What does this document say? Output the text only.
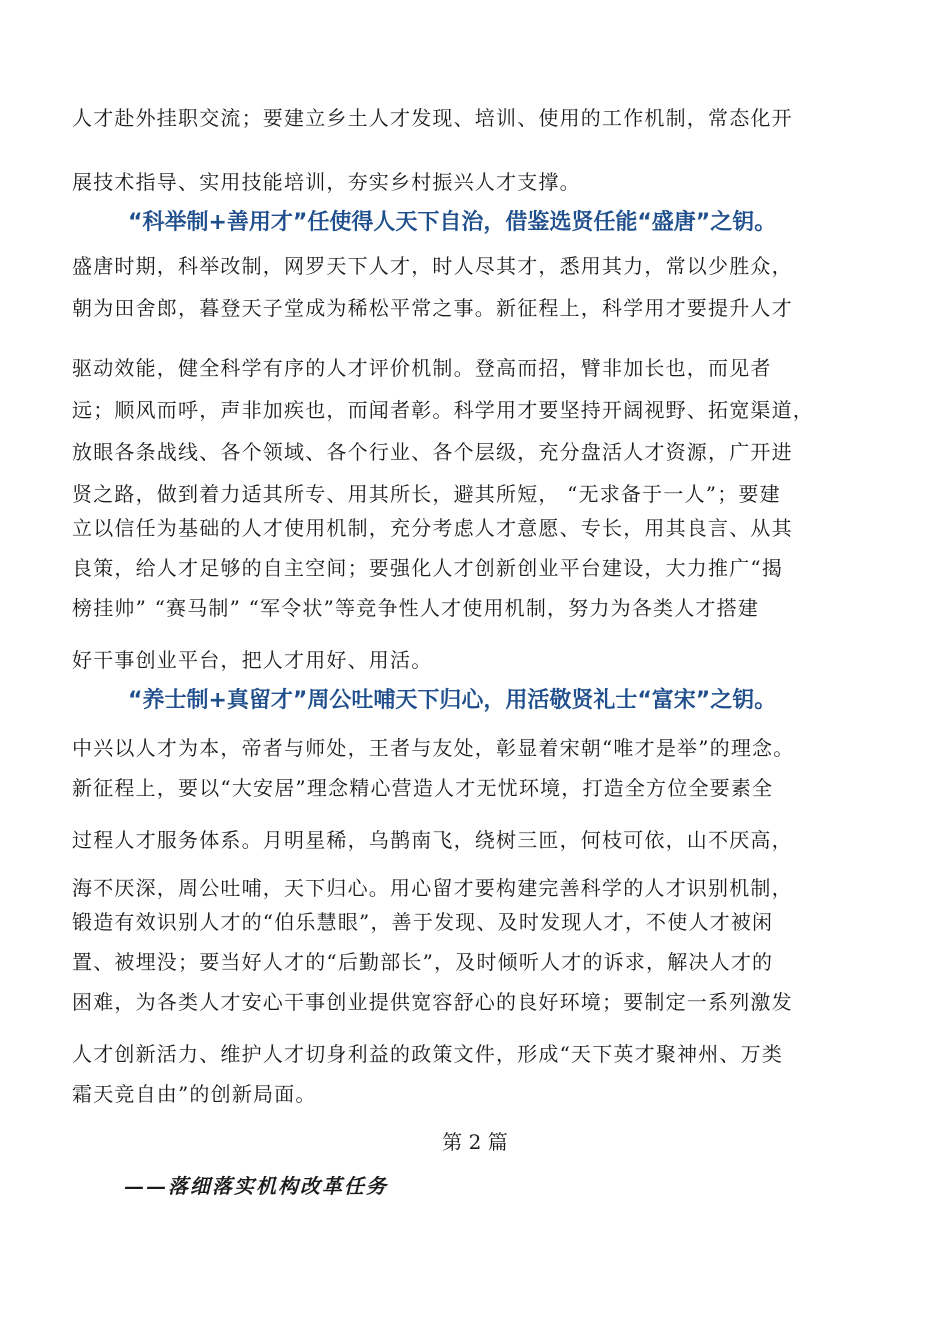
人才赴外挂职交流；要建立乡土人才发现、培训、使用的工作机制，常态化开
展技术指导、实用技能培训，夯实乡村振兴人才支撑。
“科举制+善用才”任使得人天下自治，借鉴选贤任能“盛唐”之钥。
盛唐时期，科举改制，网罗天下人才，时人尽其才，悉用其力，常以少胜众，
朝为田舍郎，暮登天子堂成为稀松平常之事。新征程上，科学用才要提升人才
驱动效能，健全科学有序的人才评价机制。登高而招，臂非加长也，而见者
远；顺风而呼，声非加疾也，而闻者彰。科学用才要坚持开阔视野、拓宽渠道，
放眼各条战线、各个领域、各个行业、各个层级，充分盘活人才资源，广开进
贤之路，做到着力适其所专、用其所长，避其所短， “无求备于一人”；要建
立以信任为基础的人才使用机制，充分考虑人才意愿、专长，用其良言、从其
良策，给人才足够的自主空间；要强化人才创新创业平台建设，大力推广“揭
榜挂帅” “赛马制” “军令状”等竞争性人才使用机制，努力为各类人才搭建
好干事创业平台，把人才用好、用活。
“养士制+真留才”周公吐哺天下归心，用活敬贤礼士“富宋”之钥。
中兴以人才为本，帝者与师处，王者与友处，彰显着宋朝“唯才是举”的理念。
新征程上，要以“大安居”理念精心营造人才无忧环境，打造全方位全要素全
过程人才服务体系。月明星稀，乌鹊南飞，绕树三匝，何枝可依，山不厌高，
海不厌深，周公吐哺，天下归心。用心留才要构建完善科学的人才识别机制，
锻造有效识别人才的“伯乐慧眼”，善于发现、及时发现人才，不使人才被闲
置、被埋没；要当好人才的“后勤部长”，及时倾听人才的诉求，解决人才的
困难，为各类人才安心干事创业提供宽容舒心的良好环境；要制定一系列激发
人才创新活力、维护人才切身利益的政策文件，形成“天下英才聚神州、万类
霜天竞自由”的创新局面。
第 2 篇
——落细落实机构改革任务
